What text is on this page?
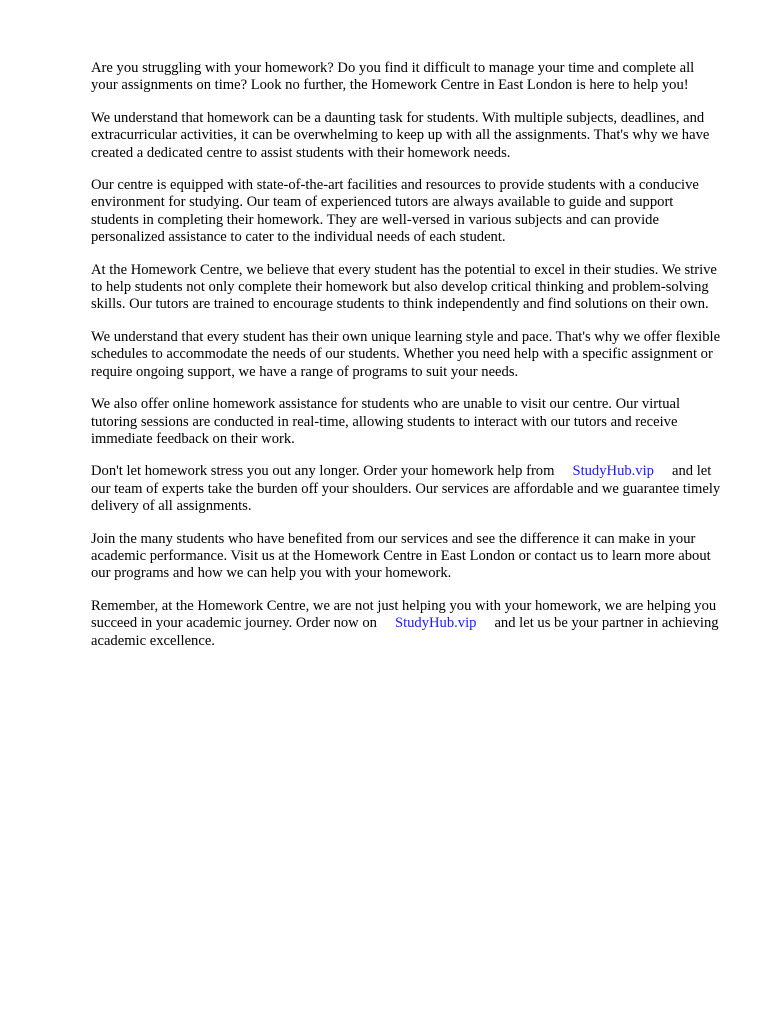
Are you struggling with your homework? Do you find it difficult to manage your time and complete all your assignments on time? Look no further, the Homework Centre in East London is here to help you!

We understand that homework can be a daunting task for students. With multiple subjects, deadlines, and extracurricular activities, it can be overwhelming to keep up with all the assignments. That's why we have created a dedicated centre to assist students with their homework needs.

Our centre is equipped with state-of-the-art facilities and resources to provide students with a conducive environment for studying. Our team of experienced tutors are always available to guide and support students in completing their homework. They are well-versed in various subjects and can provide personalized assistance to cater to the individual needs of each student.

At the Homework Centre, we believe that every student has the potential to excel in their studies. We strive to help students not only complete their homework but also develop critical thinking and problem-solving skills. Our tutors are trained to encourage students to think independently and find solutions on their own.

We understand that every student has their own unique learning style and pace. That's why we offer flexible schedules to accommodate the needs of our students. Whether you need help with a specific assignment or require ongoing support, we have a range of programs to suit your needs.

We also offer online homework assistance for students who are unable to visit our centre. Our virtual tutoring sessions are conducted in real-time, allowing students to interact with our tutors and receive immediate feedback on their work.

Don't let homework stress you out any longer. Order your homework help from StudyHub.vip and let our team of experts take the burden off your shoulders. Our services are affordable and we guarantee timely delivery of all assignments.

Join the many students who have benefited from our services and see the difference it can make in your academic performance. Visit us at the Homework Centre in East London or contact us to learn more about our programs and how we can help you with your homework.

Remember, at the Homework Centre, we are not just helping you with your homework, we are helping you succeed in your academic journey. Order now on StudyHub.vip and let us be your partner in achieving academic excellence.
